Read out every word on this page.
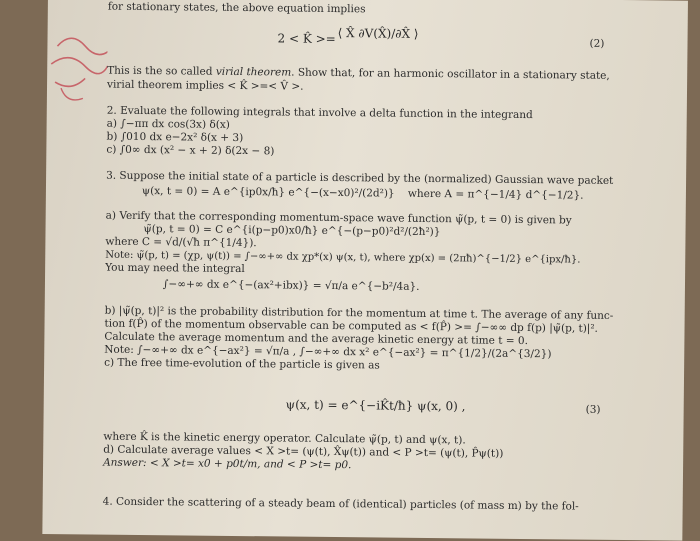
for stationary states, the above equation implies
2 < K̂ >= ⟨ X̂ ∂V(X̂)/∂X̂ ⟩
(2)
This is the so called virial theorem. Show that, for an harmonic oscillator in a stationary state,
virial theorem implies < K̂ >=< V̂ >.
2. Evaluate the following integrals that involve a delta function in the integrand
a) ∫−ππ dx cos(3x) δ(x)
b) ∫010 dx e−2x² δ(x + 3)
c) ∫0∞ dx (x² − x + 2) δ(2x − 8)
3. Suppose the initial state of a particle is described by the (normalized) Gaussian wave packet
ψ(x, t = 0) = A e^{ip0x/ħ} e^{−(x−x0)²/(2d²)} where A = π^{−1/4} d^{−1/2}.
a) Verify that the corresponding momentum-space wave function ψ̃(p, t = 0) is given by
ψ̃(p, t = 0) = C e^{i(p−p0)x0/ħ} e^{−(p−p0)²d²/(2ħ²)}
where C = √d/(√ħ π^{1/4}).
Note: ψ̃(p, t) = (χp, ψ(t)) = ∫−∞+∞ dx χp*(x) ψ(x, t), where χp(x) = (2πħ)^{−1/2} e^{ipx/ħ}.
You may need the integral
∫−∞+∞ dx e^{−(ax²+ibx)} = √π/a e^{−b²/4a}.
b) |ψ̃(p, t)|² is the probability distribution for the momentum at time t. The average of any func-
tion f(P̂) of the momentum observable can be computed as < f(P̂) >= ∫−∞∞ dp f(p) |ψ̃(p, t)|².
Calculate the average momentum and the average kinetic energy at time t = 0.
Note: ∫−∞+∞ dx e^{−ax²} = √π/a , ∫−∞+∞ dx x² e^{−ax²} = π^{1/2}/(2a^{3/2})
c) The free time-evolution of the particle is given as
ψ(x, t) = e^{−iK̂t/ħ} ψ(x, 0) ,	(3)
where K̂ is the kinetic energy operator. Calculate ψ̃(p, t) and ψ(x, t).
d) Calculate average values < X >t= (ψ(t), X̂ψ(t)) and < P >t= (ψ(t), P̂ψ(t))
Answer: < X >t= x0 + p0t/m, and < P >t= p0.
4. Consider the scattering of a steady beam of (identical) particles (of mass m) by the fol-
